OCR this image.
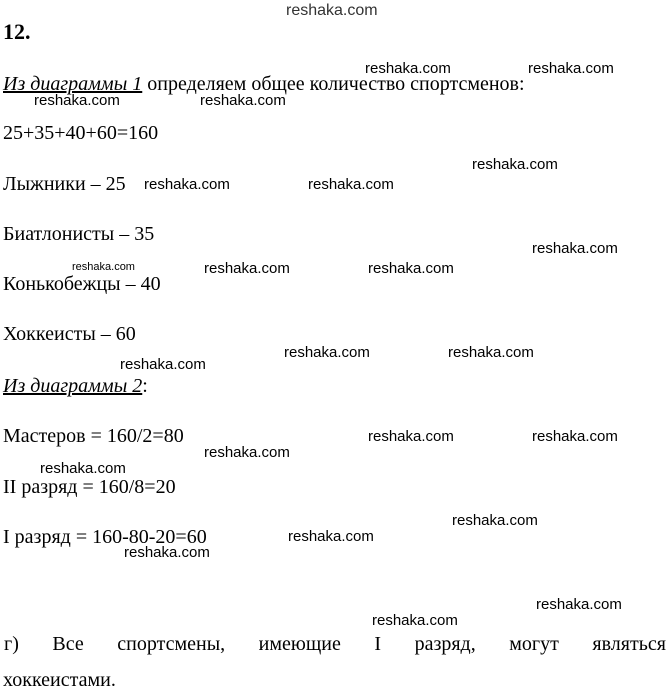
reshaka.com
12.
Из диаграммы 1 определяем общее количество спортсменов:
25+35+40+60=160
Лыжники – 25
Биатлонисты – 35
Конькобежцы – 40
Хоккеисты – 60
Из диаграммы 2:
Мастеров = 160/2=80
II разряд = 160/8=20
I разряд = 160-80-20=60
г) Все спортсмены, имеющие I разряд, могут являться
хоккеистами.
reshaka.com	reshaka.com
reshaka.com	reshaka.com
reshaka.com
reshaka.com	reshaka.com
reshaka.com
reshaka.com	reshaka.com	reshaka.com
reshaka.com	reshaka.com
reshaka.com
reshaka.com	reshaka.com
reshaka.com
reshaka.com
reshaka.com
reshaka.com
reshaka.com
reshaka.com
reshaka.com
